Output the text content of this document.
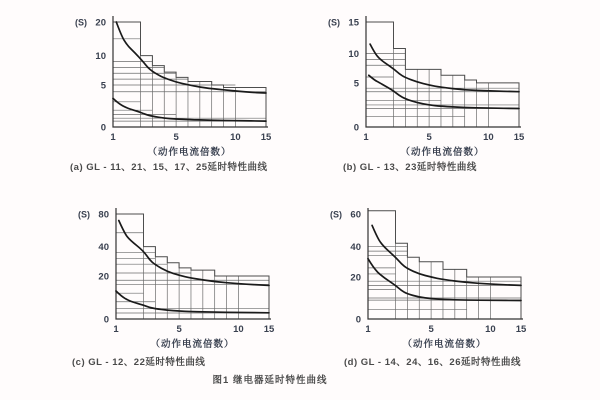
0
5
10
20
1	5	10 15
(S)
（动作电流倍数）
0
5
10
15
1	5	10 15
(S)
（动作电流倍数）
0
20
40
80
1	5	10 15
(S)
（动作电流倍数）
0
20
40
60
1	5	10 15
(S)
（动作电流倍数）
(a) GL - 11、21、15、17、25延时特性曲线	(b) GL - 13、23延时特性曲线
(c) GL - 12、22延时特性曲线	(d) GL - 14、24、16、26延时特性曲线
图1 继电器延时特性曲线
